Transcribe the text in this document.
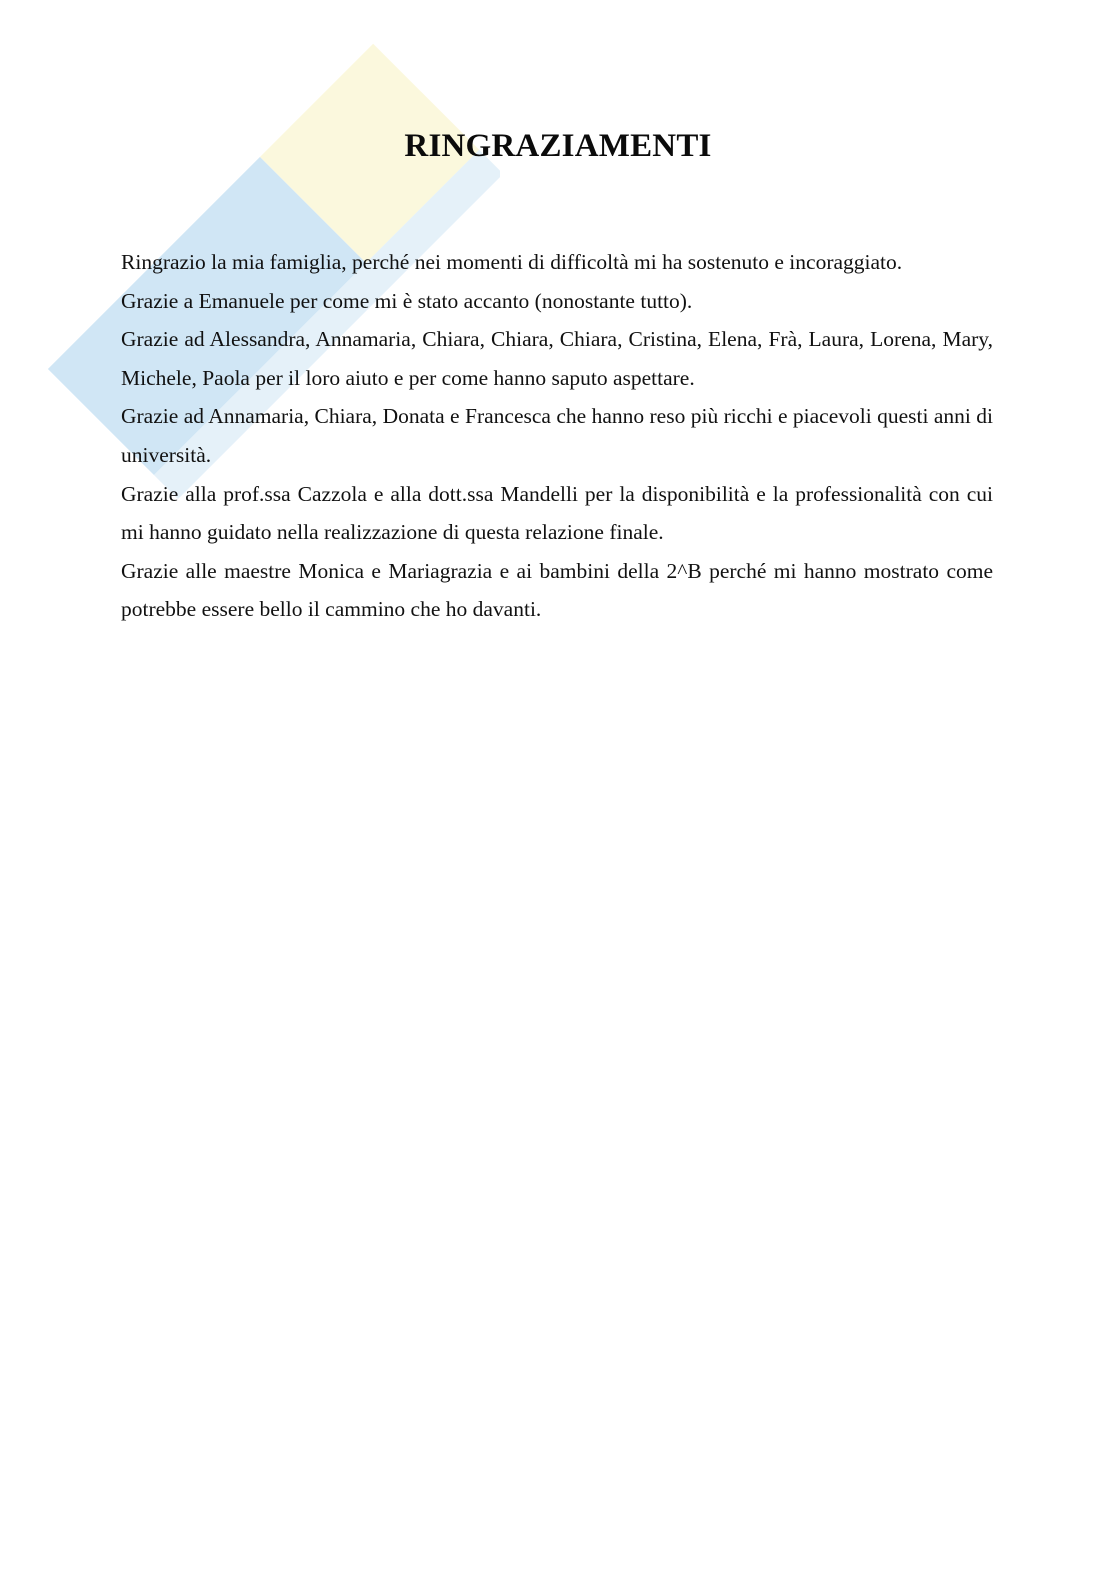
RINGRAZIAMENTI

Ringrazio la mia famiglia, perché nei momenti di difficoltà mi ha sostenuto e incoraggiato.

Grazie a Emanuele per come mi è stato accanto (nonostante tutto).

Grazie ad Alessandra, Annamaria, Chiara, Chiara, Chiara, Cristina, Elena, Frà, Laura, Lorena, Mary, Michele, Paola per il loro aiuto e per come hanno saputo aspettare.

Grazie ad Annamaria, Chiara, Donata e Francesca che hanno reso più ricchi e piacevoli questi anni di università.

Grazie alla prof.ssa Cazzola e alla dott.ssa Mandelli per la disponibilità e la professionalità con cui mi hanno guidato nella realizzazione di questa relazione finale.

Grazie alle maestre Monica e Mariagrazia e ai bambini della 2^B perché mi hanno mostrato come potrebbe essere bello il cammino che ho davanti.
